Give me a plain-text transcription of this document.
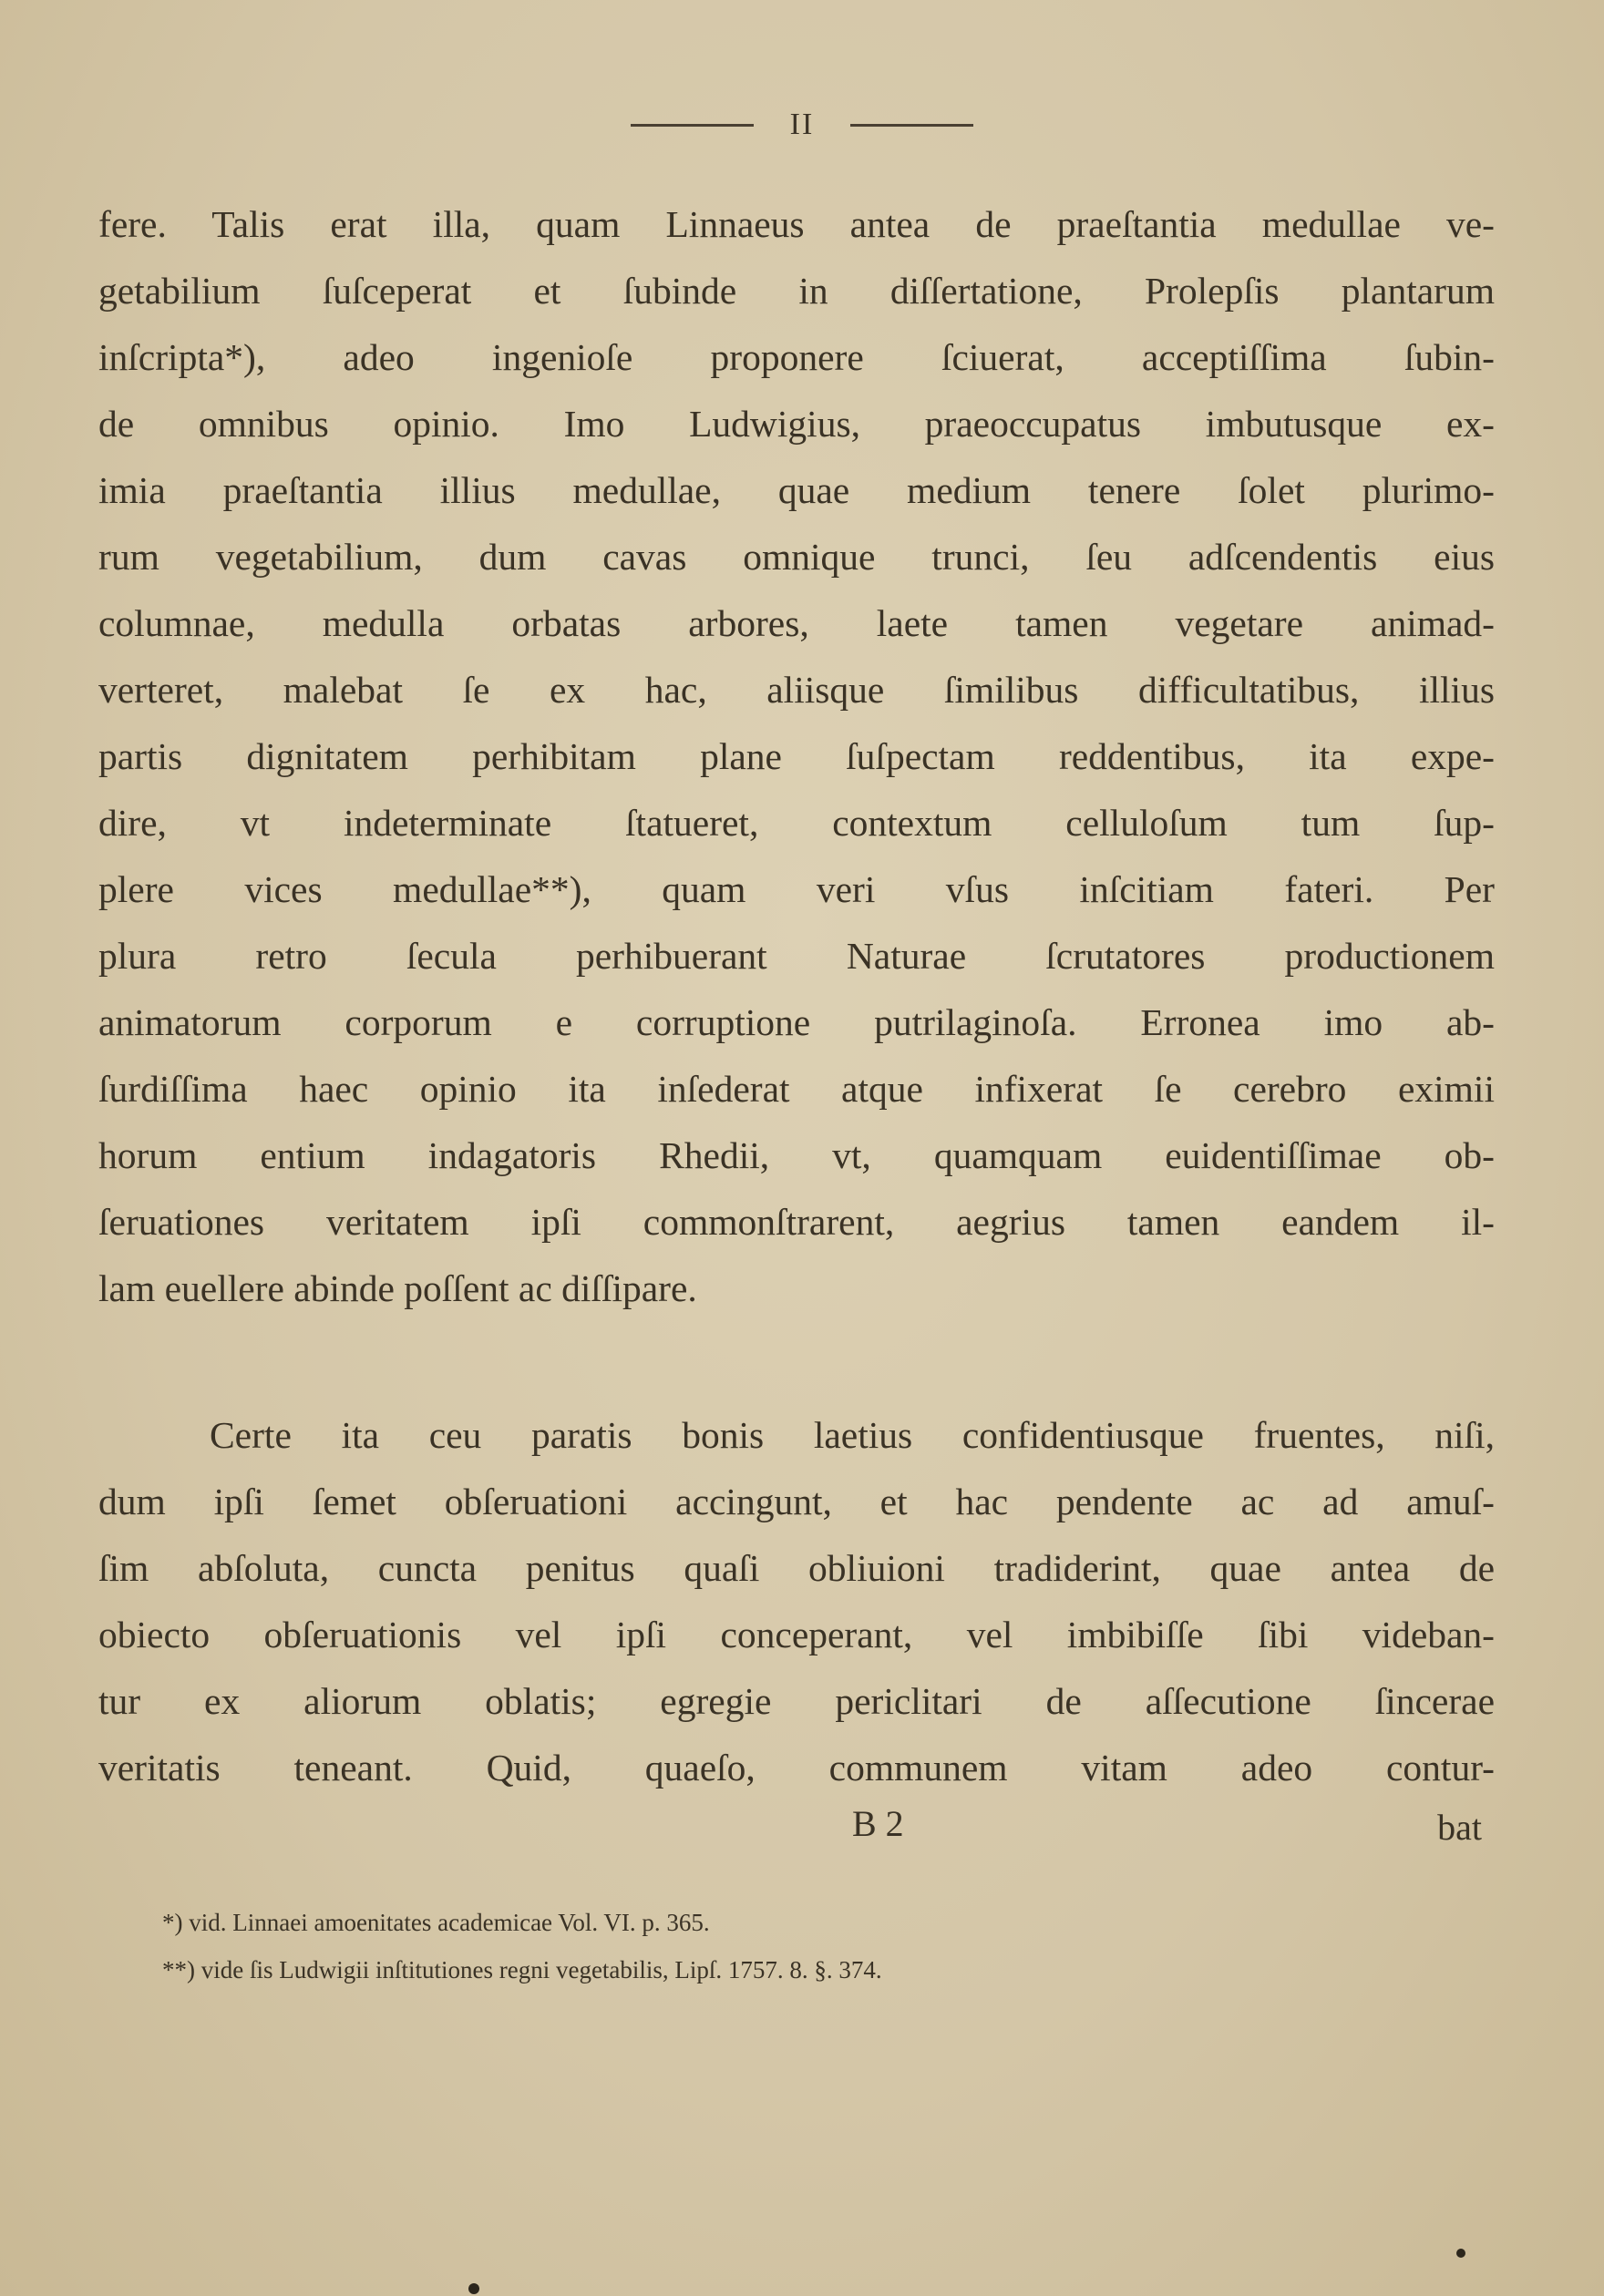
II
fere. Talis erat illa, quam Linnaeus antea de praeſtantia medullae ve-
getabilium ſuſceperat et ſubinde in diſſertatione, Prolepſis plantarum
inſcripta*), adeo ingenioſe proponere ſciuerat, acceptiſſima ſubin-
de omnibus opinio. Imo Ludwigius, praeoccupatus imbutusque ex-
imia praeſtantia illius medullae, quae medium tenere ſolet plurimo-
rum vegetabilium, dum cavas omnique trunci, ſeu adſcendentis eius
columnae, medulla orbatas arbores, laete tamen vegetare animad-
verteret, malebat ſe ex hac, aliisque ſimilibus difficultatibus, illius
partis dignitatem perhibitam plane ſuſpectam reddentibus, ita expe-
dire, vt indeterminate ſtatueret, contextum celluloſum tum ſup-
plere vices medullae**), quam veri vſus inſcitiam fateri. Per
plura retro ſecula perhibuerant Naturae ſcrutatores productionem
animatorum corporum e corruptione putrilaginoſa. Erronea imo ab-
ſurdiſſima haec opinio ita inſederat atque infixerat ſe cerebro eximii
horum entium indagatoris Rhedii, vt, quamquam euidentiſſimae ob-
ſeruationes veritatem ipſi commonſtrarent, aegrius tamen eandem il-
lam euellere abinde poſſent ac diſſipare.
Certe ita ceu paratis bonis laetius confidentiusque fruentes, niſi,
dum ipſi ſemet obſeruationi accingunt, et hac pendente ac ad amuſ-
ſim abſoluta, cuncta penitus quaſi obliuioni tradiderint, quae antea de
obiecto obſeruationis vel ipſi conceperant, vel imbibiſſe ſibi videban-
tur ex aliorum oblatis; egregie periclitari de aſſecutione ſincerae
veritatis teneant. Quid, quaeſo, communem vitam adeo contur-
B 2	bat
*) vid. Linnaei amoenitates academicae Vol. VI. p. 365.
**) vide ſis Ludwigii inſtitutiones regni vegetabilis, Lipſ. 1757. 8. §. 374.
